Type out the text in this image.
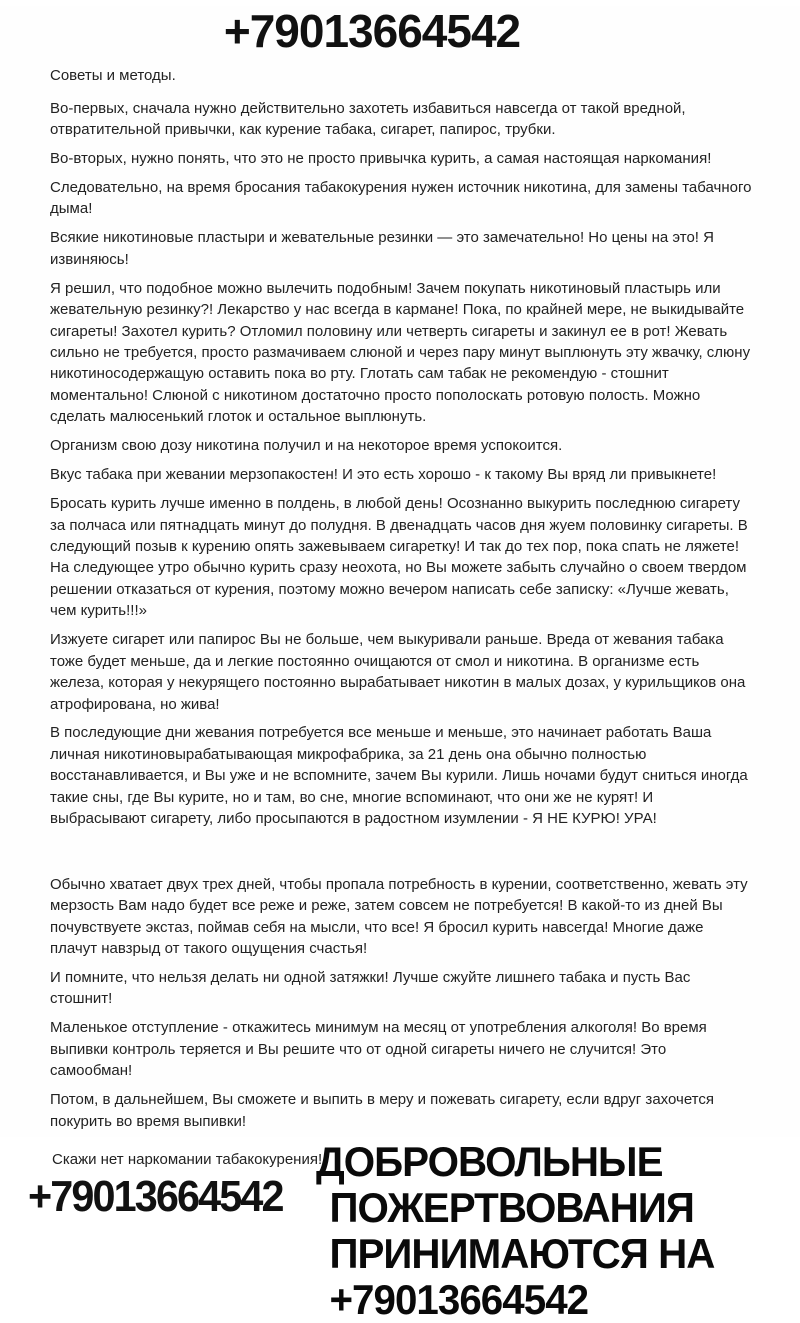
+79013664542
Советы и методы.

Во-первых, сначала нужно действительно захотеть избавиться навсегда от такой вредной, отвратительной привычки, как курение табака, сигарет, папирос, трубки.

Во-вторых, нужно понять, что это не просто привычка курить, а самая настоящая наркомания!

Следовательно, на время бросания табакокурения нужен источник никотина, для замены табачного дыма!

Всякие никотиновые пластыри и жевательные резинки — это замечательно! Но цены на это! Я извиняюсь!

Я решил, что подобное можно вылечить подобным! Зачем покупать никотиновый пластырь или жевательную резинку?! Лекарство у нас всегда в кармане! Пока, по крайней мере, не выкидывайте сигареты! Захотел курить? Отломил половину или четверть сигареты и закинул ее в рот! Жевать сильно не требуется, просто размачиваем слюной и через пару минут выплюнуть эту жвачку, слюну никотиносодержащую оставить пока во рту. Глотать сам табак не рекомендую - стошнит моментально! Слюной с никотином достаточно просто пополоскать ротовую полость. Можно сделать малюсенький глоток и остальное выплюнуть.

Организм свою дозу никотина получил и на некоторое время успокоится.

Вкус табака при жевании мерзопакостен! И это есть хорошо - к такому Вы вряд ли привыкнете!

Бросать курить лучше именно в полдень, в любой день! Осознанно выкурить последнюю сигарету за полчаса или пятнадцать минут до полудня. В двенадцать часов дня жуем половинку сигареты. В следующий позыв к курению опять зажевываем сигаретку! И так до тех пор, пока спать не ляжете! На следующее утро обычно курить сразу неохота, но Вы можете забыть случайно о своем твердом решении отказаться от курения, поэтому можно вечером написать себе записку: «Лучше жевать, чем курить!!!»

Изжуете сигарет или папирос Вы не больше, чем выкуривали раньше. Вреда от жевания табака тоже будет меньше, да и легкие постоянно очищаются от смол и никотина. В организме есть железа, которая у некурящего постоянно вырабатывает никотин в малых дозах, у курильщиков она атрофирована, но жива!

В последующие дни жевания потребуется все меньше и меньше, это начинает работать Ваша личная никотиновырабатывающая микрофабрика, за 21 день она обычно полностью восстанавливается, и Вы уже и не вспомните, зачем Вы курили. Лишь ночами будут сниться иногда такие сны, где Вы курите, но и там, во сне, многие вспоминают, что они же не курят! И выбрасывают сигарету, либо просыпаются в радостном изумлении - Я НЕ КУРЮ! УРА!

Обычно хватает двух трех дней, чтобы пропала потребность в курении, соответственно, жевать эту мерзость Вам надо будет все реже и реже, затем совсем не потребуется! В какой-то из дней Вы почувствуете экстаз, поймав себя на мысли, что все! Я бросил курить навсегда! Многие даже плачут навзрыд от такого ощущения счастья!

И помните, что нельзя делать ни одной затяжки! Лучше сжуйте лишнего табака и пусть Вас стошнит!

Маленькое отступление - откажитесь минимум на месяц от употребления алкоголя! Во время выпивки контроль теряется и Вы решите что от одной сигареты ничего не случится! Это самообман!

Потом, в дальнейшем, Вы сможете и выпить в меру и пожевать сигарету, если вдруг захочется покурить во время выпивки!

Скажи нет наркомании табакокурения!
+79013664542
ДОБРОВОЛЬНЫЕ
ПОЖЕРТВОВАНИЯ
ПРИНИМАЮТСЯ НА
+79013664542
